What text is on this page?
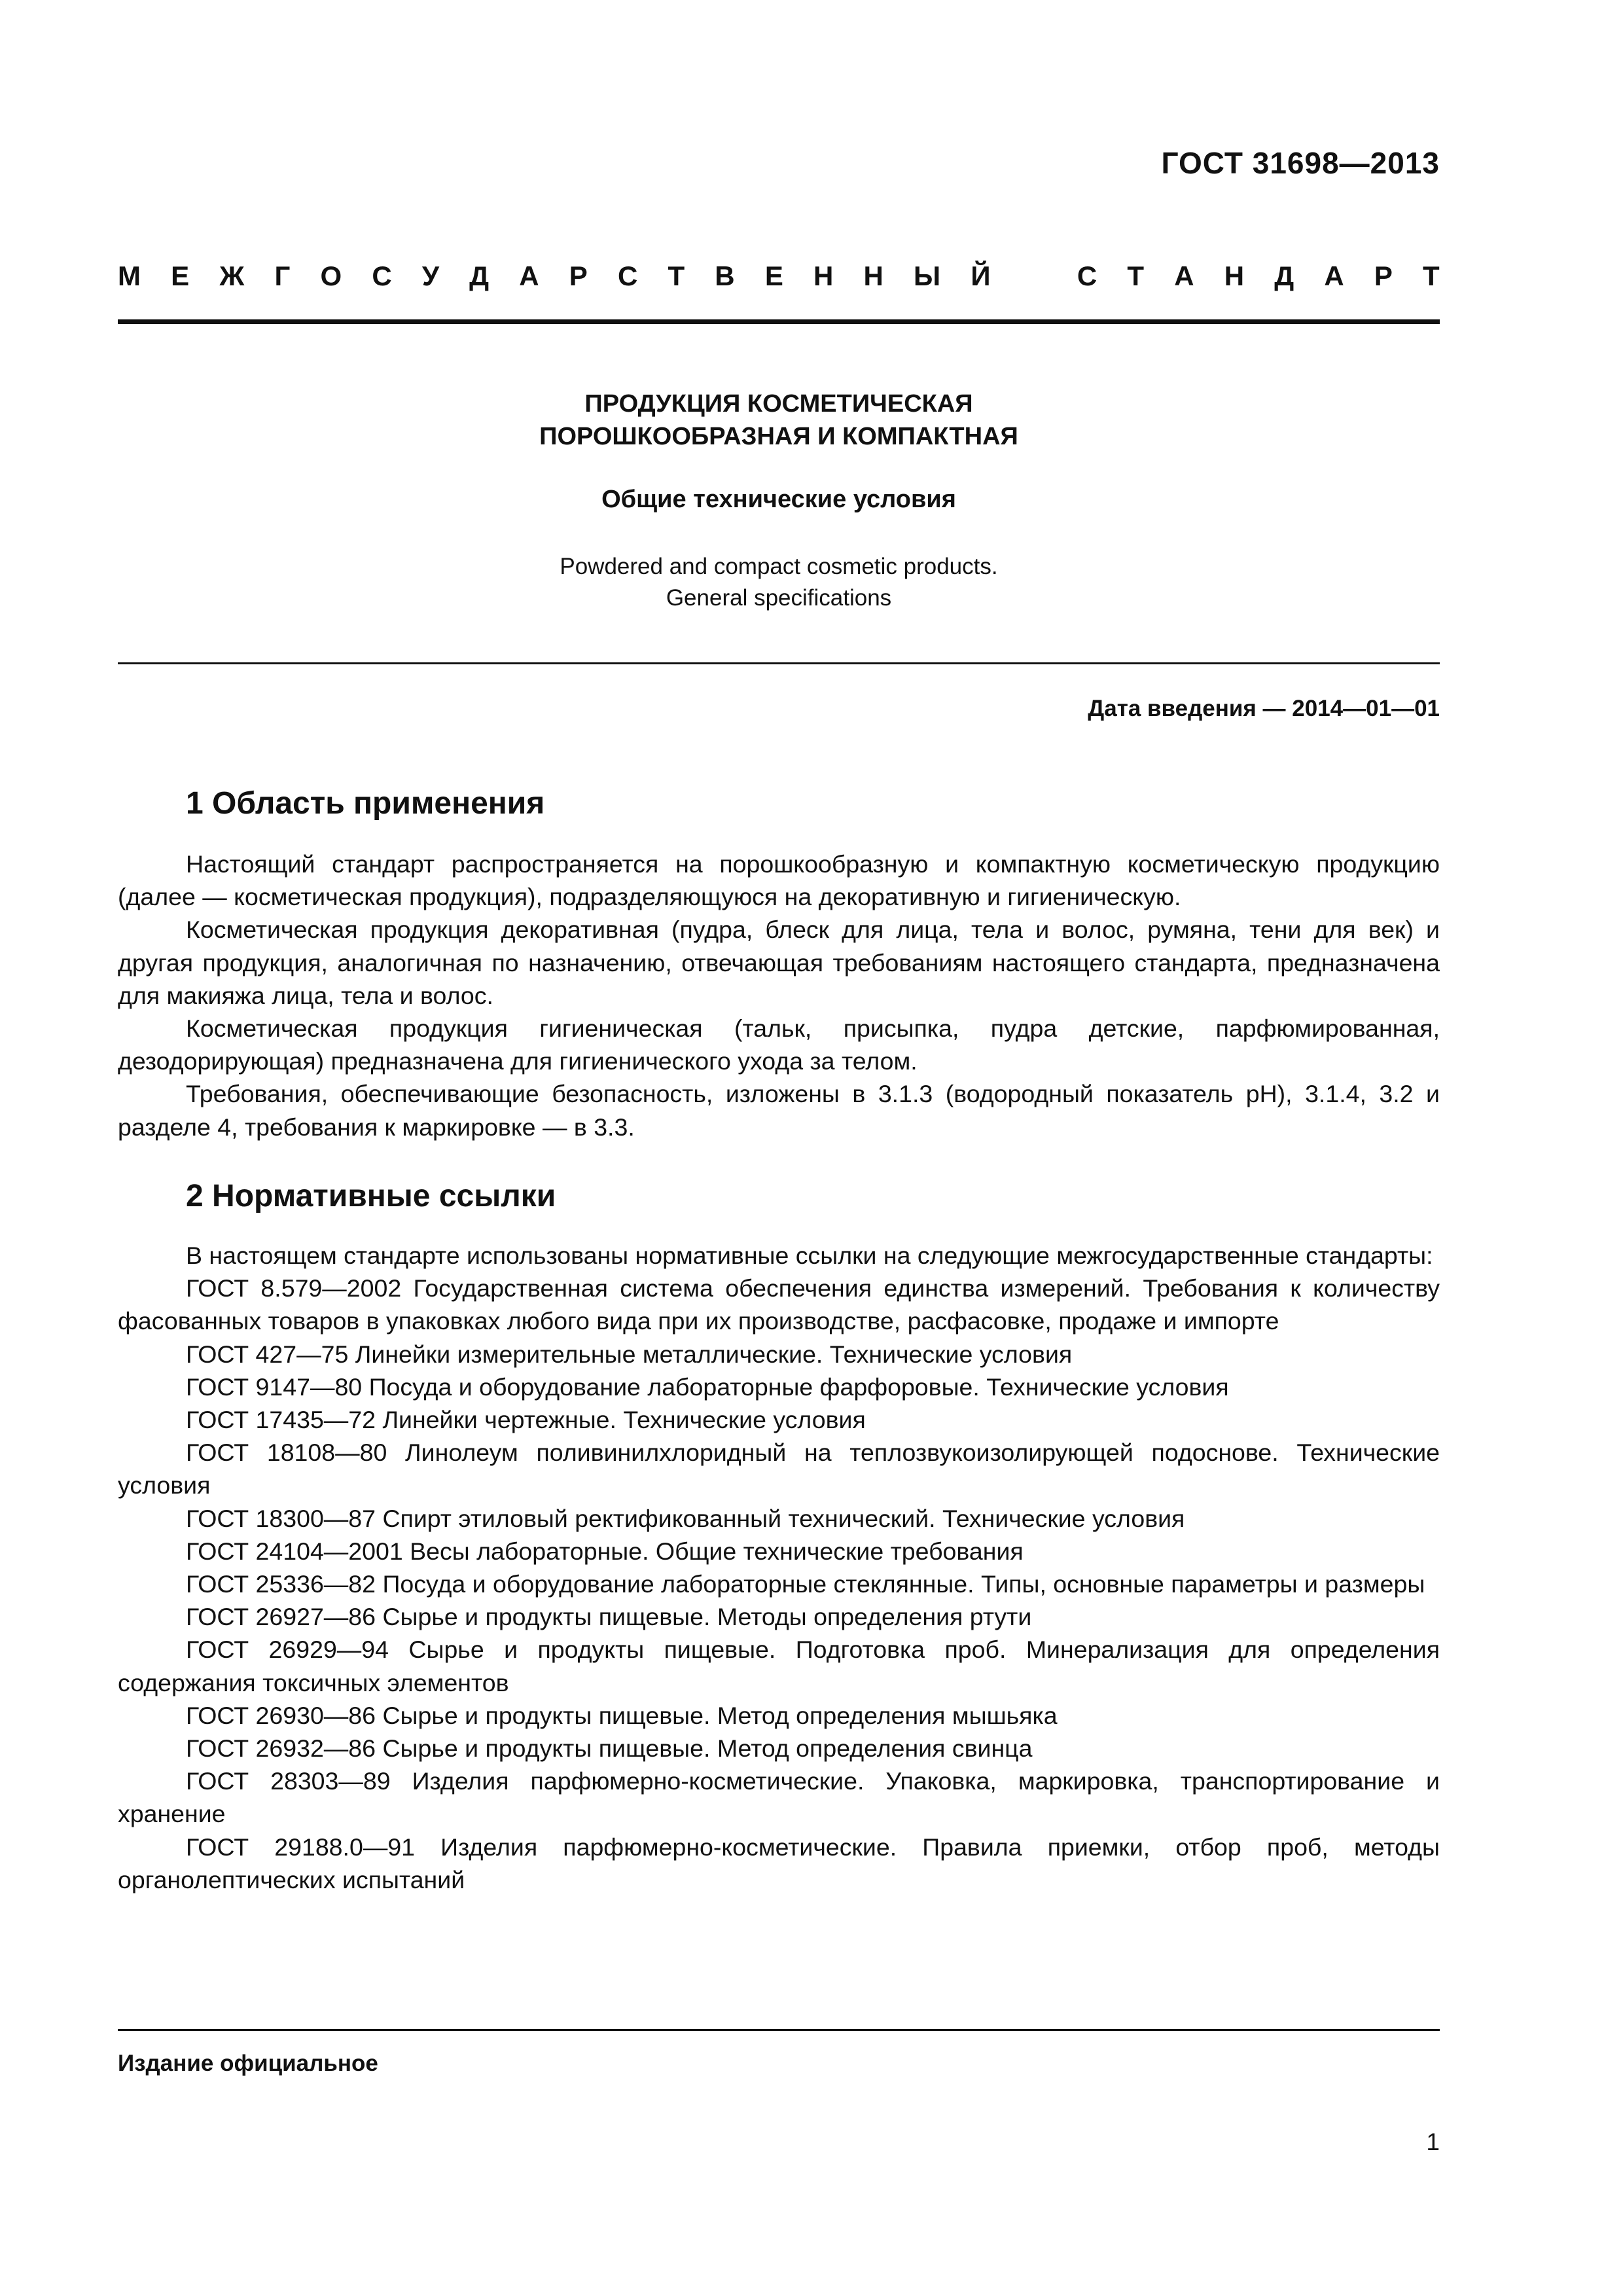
ГОСТ 31698—2013
М Е Ж Г О С У Д А Р С Т В Е Н Н Ы Й	С Т А Н Д А Р Т
ПРОДУКЦИЯ КОСМЕТИЧЕСКАЯ
ПОРОШКООБРАЗНАЯ И КОМПАКТНАЯ
Общие технические условия
Powdered and compact cosmetic products.
General specifications
Дата введения — 2014—01—01
1 Область применения

Настоящий стандарт распространяется на порошкообразную и компактную косметическую продукцию (далее — косметическая продукция), подразделяющуюся на декоративную и гигиеническую.

Косметическая продукция декоративная (пудра, блеск для лица, тела и волос, румяна, тени для век) и другая продукция, аналогичная по назначению, отвечающая требованиям настоящего стандарта, предназначена для макияжа лица, тела и волос.

Косметическая продукция гигиеническая (тальк, присыпка, пудра детские, парфюмированная, дезодорирующая) предназначена для гигиенического ухода за телом.

Требования, обеспечивающие безопасность, изложены в 3.1.3 (водородный показатель pH), 3.1.4, 3.2 и разделе 4, требования к маркировке — в 3.3.

2 Нормативные ссылки

В настоящем стандарте использованы нормативные ссылки на следующие межгосударственные стандарты:

ГОСТ 8.579—2002 Государственная система обеспечения единства измерений. Требования к количеству фасованных товаров в упаковках любого вида при их производстве, расфасовке, продаже и импорте

ГОСТ 427—75 Линейки измерительные металлические. Технические условия

ГОСТ 9147—80 Посуда и оборудование лабораторные фарфоровые. Технические условия

ГОСТ 17435—72 Линейки чертежные. Технические условия

ГОСТ 18108—80 Линолеум поливинилхлоридный на теплозвукоизолирующей подоснове. Технические условия

ГОСТ 18300—87 Спирт этиловый ректификованный технический. Технические условия

ГОСТ 24104—2001 Весы лабораторные. Общие технические требования

ГОСТ 25336—82 Посуда и оборудование лабораторные стеклянные. Типы, основные параметры и размеры

ГОСТ 26927—86 Сырье и продукты пищевые. Методы определения ртути

ГОСТ 26929—94 Сырье и продукты пищевые. Подготовка проб. Минерализация для определения содержания токсичных элементов

ГОСТ 26930—86 Сырье и продукты пищевые. Метод определения мышьяка

ГОСТ 26932—86 Сырье и продукты пищевые. Метод определения свинца

ГОСТ 28303—89 Изделия парфюмерно-косметические. Упаковка, маркировка, транспортирование и хранение

ГОСТ 29188.0—91 Изделия парфюмерно-косметические. Правила приемки, отбор проб, методы органолептических испытаний

Издание официальное
1
